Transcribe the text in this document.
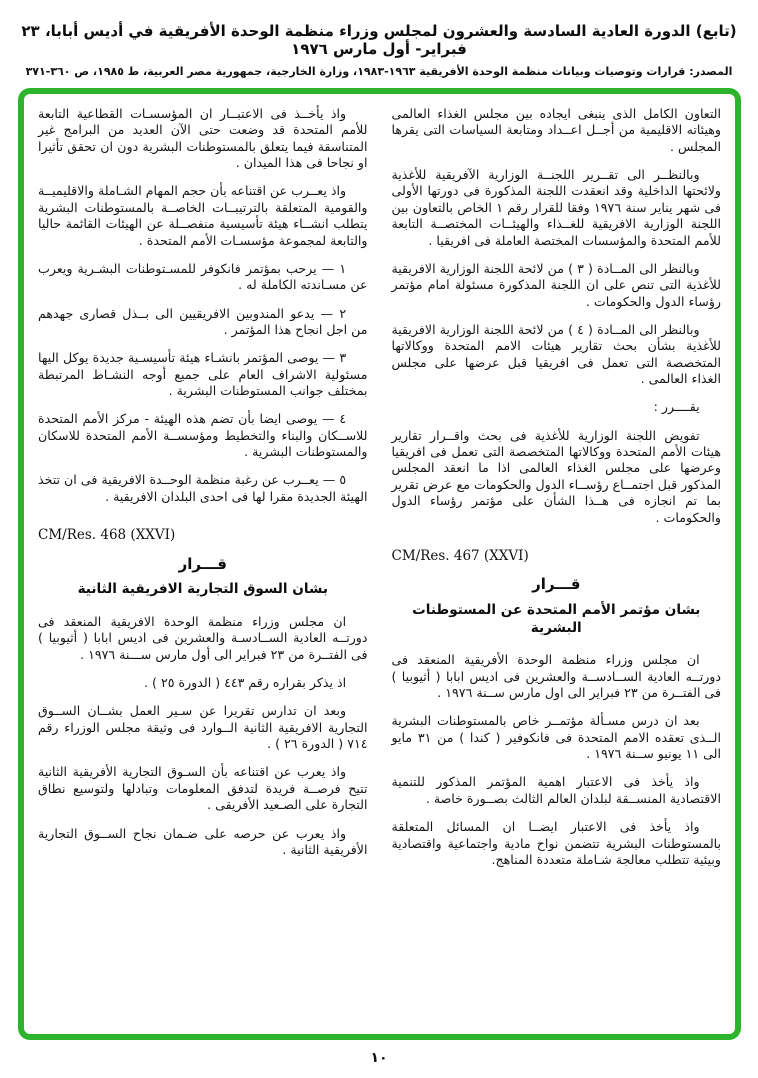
(تابع) الدورة العادية السادسة والعشرون لمجلس وزراء منظمة الوحدة الأفريقية في أديس أبابا، ٢٣ فبراير- أول مارس ١٩٧٦
المصدر: قرارات وتوصيات وبيانات منظمة الوحدة الأفريقية ١٩٦٣-١٩٨٣، وزارة الخارجية، جمهورية مصر العربية، ط ١٩٨٥، ص ٣٦٠-٣٧١

التعاون الكامل الذى ينبغى ايجاده بين مجلس الغذاء العالمى وهيئاته الاقليمية من أجــل اعــداد ومتابعة السياسات التى يقرها المجلس .

وبالنظــر الى تقــرير اللجنــة الوزارية الآفريقية للأغذية ولائحتها الداخلية وقد انعقدت اللجنة المذكورة فى دورتها الأولى فى شهر يناير سنة ١٩٧٦ وفقا للقرار رقم ١ الخاص بالتعاون بين اللجنة الوزارية الافريقية للغــذاء والهيئــات المختصــة التابعة للأمم المتحدة والمؤسسات المختصة العاملة فى افريقيا .

وبالنظر الى المــادة ( ٣ ) من لائحة اللجنة الوزارية الافريقية للأغذية التى تنص على ان اللجنة المذكورة مسئولة امام مؤتمر رؤساء الدول والحكومات .

وبالنظر الى المــادة ( ٤ ) من لائحة اللجنة الوزارية الافريقية للأغذية بشأن بحث تقارير هيئات الامم المتحدة ووكالاتها المتخصصة التى تعمل فى افريقيا قبل عرضها على مجلس الغذاء العالمى .

يقــــرر :

تفويض اللجنة الوزارية للأغذية فى بحث واقــرار تقارير هيئات الأمم المتحدة ووكالاتها المتخصصة التى تعمل فى افريقيا وعرضها على مجلس الغذاء العالمى اذا ما انعقد المجلس المذكور قبل اجتمــاع رؤســاء الدول والحكومات مع عرض تقرير بما تم انجازه فى هــذا الشأن على مؤتمر رؤساء الدول والحكومات .

CM/Res. 467 (XXVI)
قـــرار
بشان مؤتمر الأمم المتحدة عن المستوطنات البشرية

ان مجلس وزراء منظمة الوحدة الأفريقية المنعقد فى دورتــه العادية الســادســة والعشرين فى اديس ابابا ( أثيوبيا ) فى الفتــرة من ٢٣ فبراير الى اول مارس ســنة ١٩٧٦ .

بعد ان درس مسـألة مؤتمــر خاص بالمستوطنات البشرية الــذى تعقده الامم المتحدة فى فانكوفير ( كندا ) من ٣١ مايو الى ١١ يونيو ســنة ١٩٧٦ .

واذ يأخذ فى الاعتبار اهمية المؤتمر المذكور للتنمية الاقتصادية المنســقة لبلدان العالم الثالث بصــورة خاصة .

واذ يأخذ فى الاعتبار ايضــا ان المسائل المتعلقة بالمستوطنات البشرية تتضمن نواح مادية واجتماعية واقتصادية وبيئية تتطلب معالجة شـاملة متعددة المناهج.

واذ يأخــذ فى الاعتبــار ان المؤسسـات القطاعية التابعة للأمم المتحدة قد وضعت حتى الآن العديد من البرامج غير المتناسقة فيما يتعلق بالمستوطنات البشرية دون ان تحقق تأثيرا او نجاحا فى هذا الميدان .

واذ يعــرب عن اقتناعه بأن حجم المهام الشـاملة والاقليميــة والقومية المتعلقة بالترتيبــات الخاصــة بالمستوطنات البشرية يتطلب انشــاء هيئة تأسيسية منفصــلة عن الهيئات القائمة حاليا والتابعة لمجموعة مؤسسـات الأمم المتحدة .

١ — يرحب بمؤتمر فانكوفر للمسـتوطنات البشـرية ويعرب عن مسـاندته الكاملة له .

٢ — يدعو المندوبين الافريقيين الى بــذل قصارى جهدهم من اجل انجاح هذا المؤتمر .

٣ — يوصى المؤتمر بانشـاء هيئة تأسيسـية جديدة يوكل اليها مسئولية الاشراف العام على جميع أوجه النشـاط المرتبطة بمختلف جوانب المستوطنات البشرية .

٤ — يوصى ايضا بأن تضم هذه الهيئة - مركز الأمم المتحدة للاســكان والبناء والتخطيط ومؤسســة الأمم المتحدة للاسكان والمستوطنات البشرية .

٥ — يعــرب عن رغبة منظمة الوحــدة الافريقية فى ان تتخذ الهيئة الجديدة مقرا لها فى احدى البلدان الافريقية .

CM/Res. 468 (XXVI)
قـــرار
بشان السوق التجارية الافريقية الثانية

ان مجلس وزراء منظمة الوحدة الافريقية المنعقد فى دورتــه العادية الســادسـة والعشرين فى اديس ابابا ( أثيوبيا ) فى الفتــرة من ٢٣ فبراير الى أول مارس ســـنة ١٩٧٦ .

اذ يذكر بقراره رقم ٤٤٣ ( الدورة ٢٥ ) .

وبعد ان تدارس تقريرا عن سـير العمل بشــان الســوق التجارية الافريقية الثانية الــوارد فى وثيقة مجلس الوزراء رقم ٧١٤ ( الدورة ٢٦ ) .

واذ يعرب عن اقتناعه بأن السـوق التجارية الأفريقية الثانية تتيح فرصــة فريدة لتدفق المعلومات وتبادلها ولتوسيع نطاق التجارة على الصـعيد الأفريقى .

واذ يعرب عن حرصه على ضـمان نجاح الســوق التجارية الأفريقية الثانية .

١٠
